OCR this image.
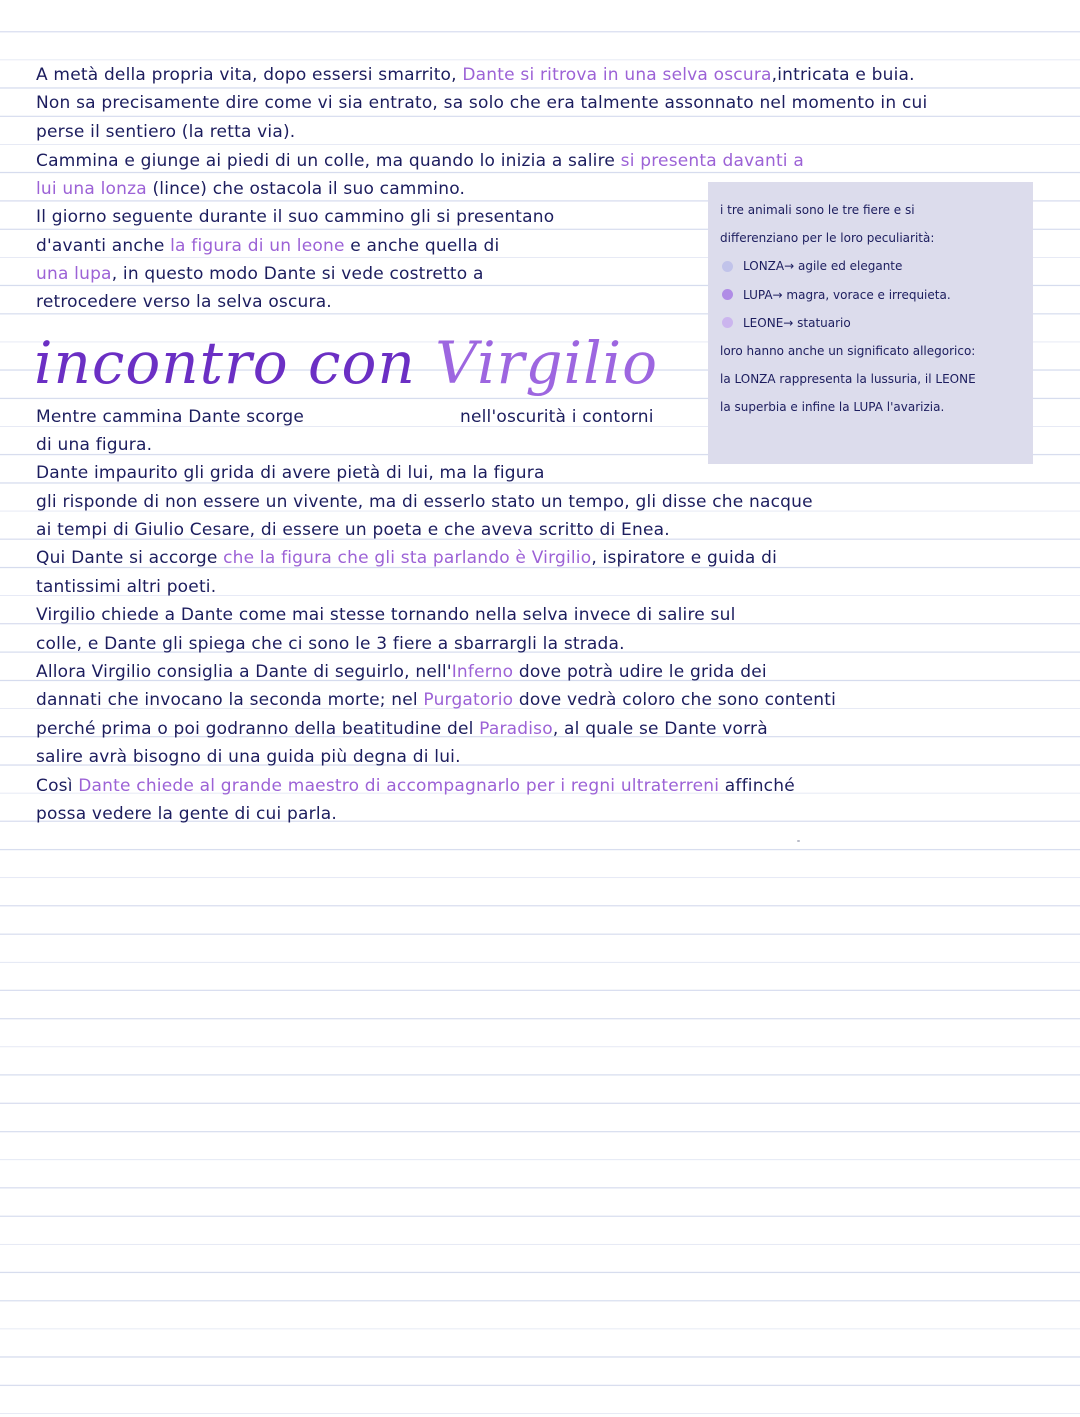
A metà della propria vita, dopo essersi smarrito, Dante si ritrova in una selva oscura,intricata e buia.
Non sa precisamente dire come vi sia entrato, sa solo che era talmente assonnato nel momento in cui
perse il sentiero (la retta via).
Cammina e giunge ai piedi di un colle, ma quando lo inizia a salire si presenta davanti a
lui una lonza (lince) che ostacola il suo cammino.
Il giorno seguente durante il suo cammino gli si presentano
d'avanti anche la figura di un leone e anche quella di
una lupa, in questo modo Dante si vede costretto a
retrocedere verso la selva oscura.
incontro con Virgilio
Mentre cammina Dante scorge	nell'oscurità i contorni
di una figura.
Dante impaurito gli grida di avere pietà di lui, ma la figura
gli risponde di non essere un vivente, ma di esserlo stato un tempo, gli disse che nacque
ai tempi di Giulio Cesare, di essere un poeta e che aveva scritto di Enea.
Qui Dante si accorge che la figura che gli sta parlando è Virgilio, ispiratore e guida di
tantissimi altri poeti.
Virgilio chiede a Dante come mai stesse tornando nella selva invece di salire sul
colle, e Dante gli spiega che ci sono le 3 fiere a sbarrargli la strada.
Allora Virgilio consiglia a Dante di seguirlo, nell'Inferno dove potrà udire le grida dei
dannati che invocano la seconda morte; nel Purgatorio dove vedrà coloro che sono contenti
perché prima o poi godranno della beatitudine del Paradiso, al quale se Dante vorrà
salire avrà bisogno di una guida più degna di lui.
Così Dante chiede al grande maestro di accompagnarlo per i regni ultraterreni affinché
possa vedere la gente di cui parla.
i tre animali sono le tre fiere e si
differenziano per le loro peculiarità:
LONZA→ agile ed elegante
LUPA→ magra, vorace e irrequieta.
LEONE→ statuario
loro hanno anche un significato allegorico:
la LONZA rappresenta la lussuria, il LEONE
la superbia e infine la LUPA l'avarizia.
